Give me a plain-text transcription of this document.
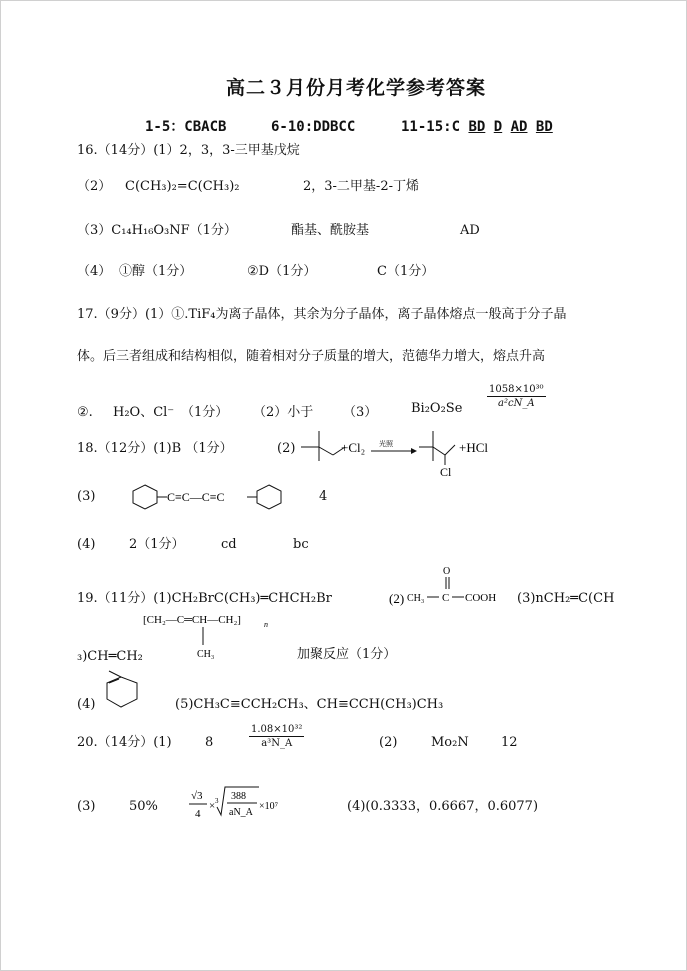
高二３月份月考化学参考答案
1-5：CBACB	6-10:DDBCC	11-15:C BD D AD BD
16.（14分）(1）2，3，3-三甲基戊烷
（2） C(CH₃)₂=C(CH₃)₂	2，3-二甲基-2-丁烯
（3）C₁₄H₁₆O₃NF（1分）	酯基、酰胺基	AD
（4） ①醇（1分）	②D（1分）	C（1分）
17.（9分）(1）①.TiF₄为离子晶体，其余为分子晶体，离子晶体熔点一般高于分子晶
体。后三者组成和结构相似，随着相对分子质量的增大，范德华力增大，熔点升高
②. H₂O、Cl⁻ （1分） （2）小于 （3）	$Bi_2O_2Se \frac{\text{1058×10³⁰}}{\text{a²cN\_A}}$
18.（12分）(1)B （1分）	(2)	+Cl₂ 光照
Cl
+HCl
(3)	C≡C—C≡C	4
(4)	2（1分）	cd	bc
19.（11分）(1)CH₂BrC(CH₃)═CHCH₂Br	(2) CH₃ C
O
COOH (3)nCH₂═C(CH
[CH₂—C═CH—CH₂]	n
CH₃
₃)CH═CH₂	加聚反应（1分）
(4)	(5)CH₃C≡CCH₂CH₃、CH≡CCH(CH₃)CH₃
20.（14分）(1)	8	$\frac{\text{1.08×10³²}}{\text{a³N\_A}}$	(2)	Mo₂N 12
(3)	50%
√3
4
× 3 388
aN_A
×10⁷	(4)(0.3333，0.6667，0.6077)
